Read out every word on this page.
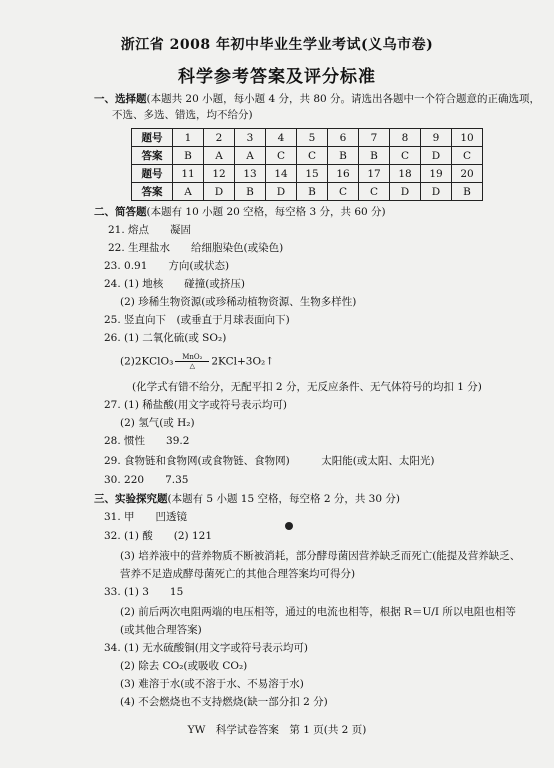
浙江省 2008 年初中毕业生学业考试(义乌市卷)
科学参考答案及评分标准
一、选择题(本题共 20 小题，每小题 4 分，共 80 分。请选出各题中一个符合题意的正确选项，
不选、多选、错选，均不给分)
题号	1	2	3	4	5	6	7	8	9	10
答案	B	A	A	C	C	B	B	C	D	C
题号	11	12	13	14	15	16	17	18	19	20
答案	A	D	B	D	B	C	C	D	D	B
二、简答题(本题有 10 小题 20 空格，每空格 3 分，共 60 分)
21. 熔点　　凝固
22. 生理盐水　　给细胞染色(或染色)
23. 0.91　　方向(或状态)
24. (1) 地核　　碰撞(或挤压)
(2) 珍稀生物资源(或珍稀动植物资源、生物多样性)
25. 竖直向下　(或垂直于月球表面向下)
26. (1) 二氧化硫(或 SO₂)
(2)2KClO₃ $\frac{\text{MnO₂}}{\triangle}$ 2KCl+3O₂↑
(化学式有错不给分，无配平扣 2 分，无反应条件、无气体符号的均扣 1 分)
27. (1) 稀盐酸(用文字或符号表示均可)
(2) 氢气(或 H₂)
28. 惯性　　39.2
29. 食物链和食物网(或食物链、食物网)　　　太阳能(或太阳、太阳光)
30. 220　　7.35
三、实验探究题(本题有 5 小题 15 空格，每空格 2 分，共 30 分)
31. 甲　　凹透镜
32. (1) 酸　　(2) 121
(3) 培养液中的营养物质不断被消耗，部分酵母菌因营养缺乏而死亡(能提及营养缺乏、
营养不足造成酵母菌死亡的其他合理答案均可得分)
33. (1) 3　　15
(2) 前后两次电阻两端的电压相等，通过的电流也相等，根据 R＝U/I 所以电阻也相等
(或其他合理答案)
34. (1) 无水硫酸铜(用文字或符号表示均可)
(2) 除去 CO₂(或吸收 CO₂)
(3) 难溶于水(或不溶于水、不易溶于水)
(4) 不会燃烧也不支持燃烧(缺一部分扣 2 分)
YW　科学试卷答案　第 1 页(共 2 页)
